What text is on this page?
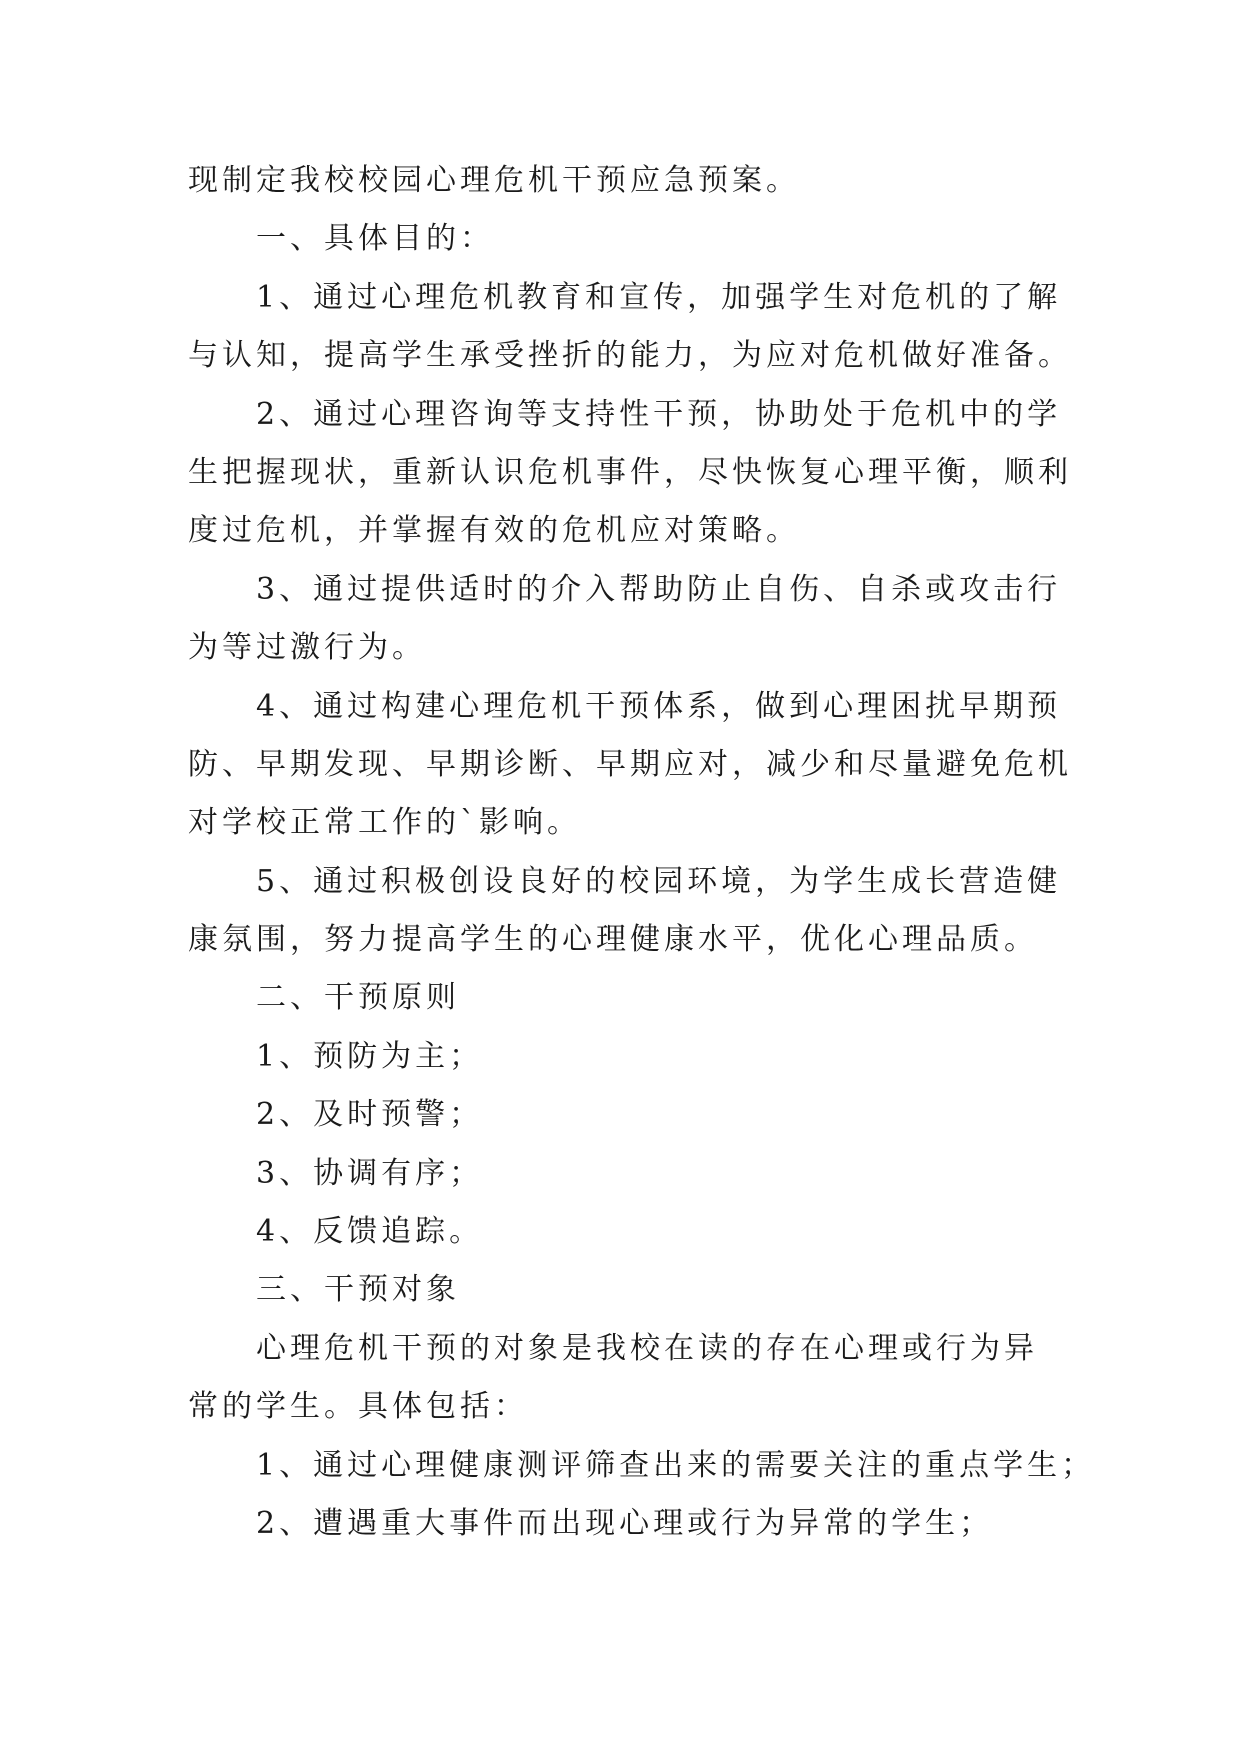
现制定我校校园心理危机干预应急预案。
一、具体目的：
1、通过心理危机教育和宣传，加强学生对危机的了解
与认知，提高学生承受挫折的能力，为应对危机做好准备。
2、通过心理咨询等支持性干预，协助处于危机中的学
生把握现状，重新认识危机事件，尽快恢复心理平衡，顺利
度过危机，并掌握有效的危机应对策略。
3、通过提供适时的介入帮助防止自伤、自杀或攻击行
为等过激行为。
4、通过构建心理危机干预体系，做到心理困扰早期预
防、早期发现、早期诊断、早期应对，减少和尽量避免危机
对学校正常工作的`影响。
5、通过积极创设良好的校园环境，为学生成长营造健
康氛围，努力提高学生的心理健康水平，优化心理品质。
二、干预原则
1、预防为主；
2、及时预警；
3、协调有序；
4、反馈追踪。
三、干预对象
心理危机干预的对象是我校在读的存在心理或行为异
常的学生。具体包括：
1、通过心理健康测评筛查出来的需要关注的重点学生；
2、遭遇重大事件而出现心理或行为异常的学生；
